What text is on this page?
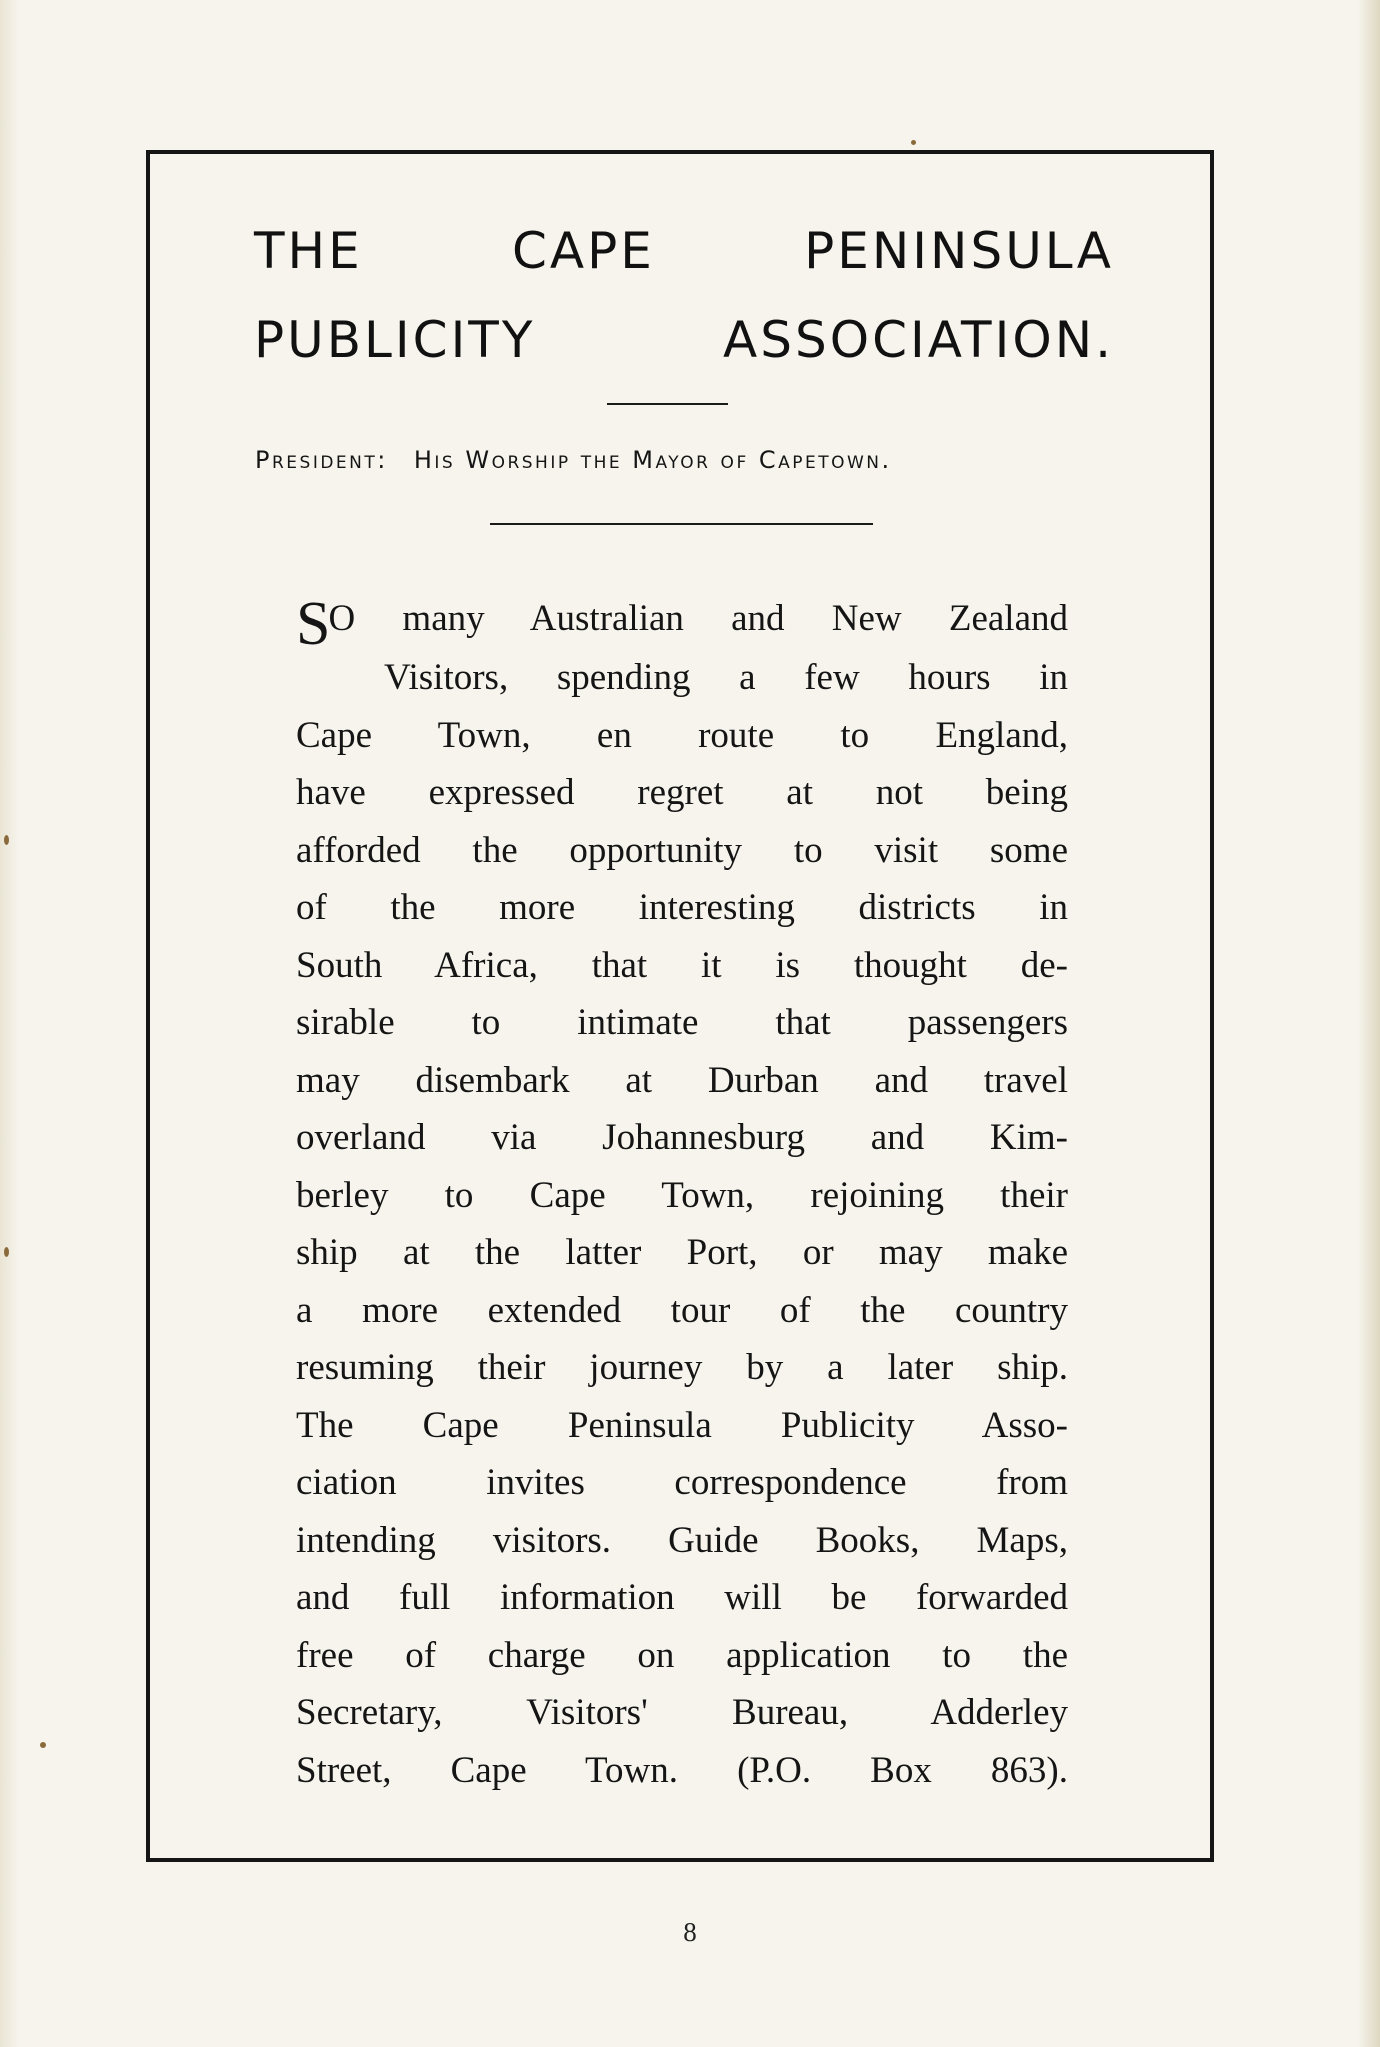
THE	CAPE	PENINSULA
PUBLICITY	ASSOCIATION.
President: His Worship the Mayor of Capetown.
SO many Australian and New Zealand
Visitors, spending a few hours in
Cape Town, en route to England,
have expressed regret at not being
afforded the opportunity to visit some
of the more interesting districts in
South Africa, that it is thought de-
sirable to intimate that passengers
may disembark at Durban and travel
overland via Johannesburg and Kim-
berley to Cape Town, rejoining their
ship at the latter Port, or may make
a more extended tour of the country
resuming their journey by a later ship.
The Cape Peninsula Publicity Asso-
ciation invites correspondence from
intending visitors. Guide Books, Maps,
and full information will be forwarded
free of charge on application to the
Secretary, Visitors' Bureau, Adderley
Street, Cape Town. (P.O. Box 863).
8
